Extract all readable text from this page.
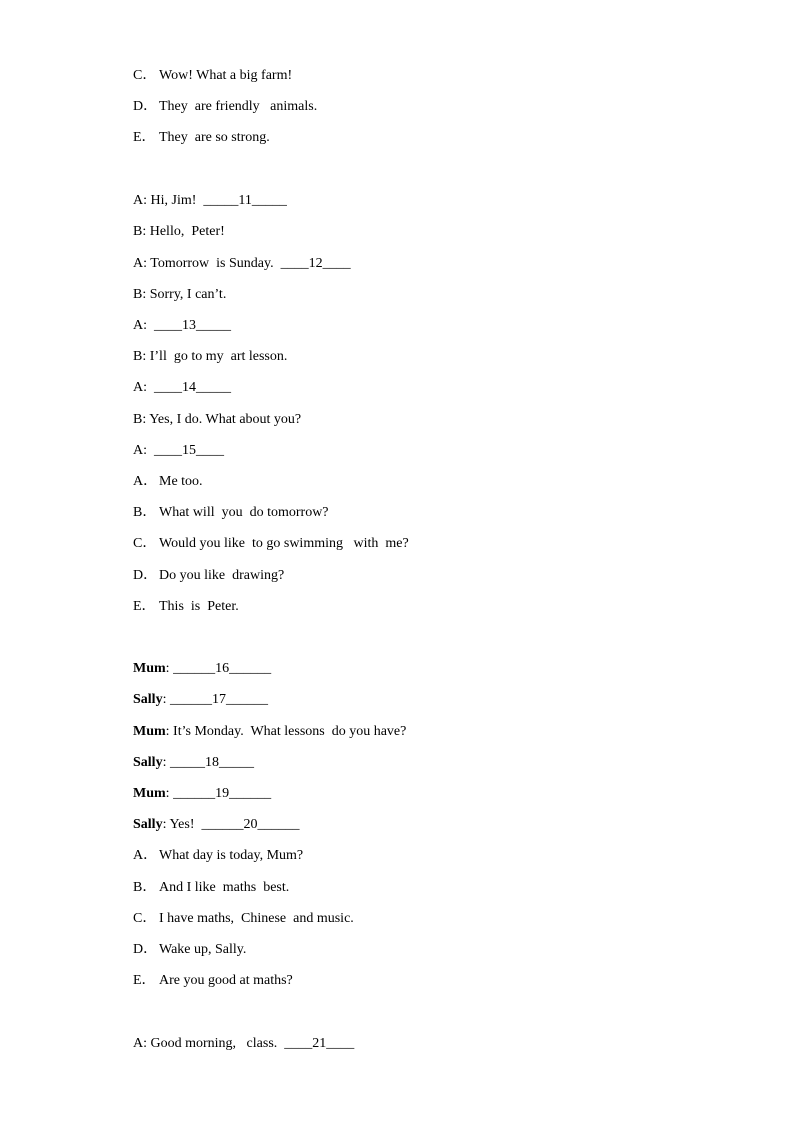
C． Wow! What a big farm!
D． They  are friendly   animals.
E． They  are so strong.
A: Hi, Jim!  _____11_____
B: Hello,  Peter!
A: Tomorrow  is Sunday.  ____12____
B: Sorry, I can’t.
A: ____13_____
B: I’ll  go to my  art lesson.
A: ____14_____
B: Yes, I do. What about you?
A: ____15____
A． Me too.
B． What will  you  do tomorrow?
C． Would you like  to go swimming   with  me?
D． Do you like  drawing?
E． This  is  Peter.
Mum: ______16______
Sally: ______17______
Mum: It’s Monday.  What lessons  do you have?
Sally: _____18_____
Mum: ______19______
Sally: Yes!  ______20______
A． What day is today, Mum?
B． And I like  maths  best.
C． I have maths,  Chinese  and music.
D． Wake up, Sally.
E． Are you good at maths?
A: Good morning,   class.  ____21____
